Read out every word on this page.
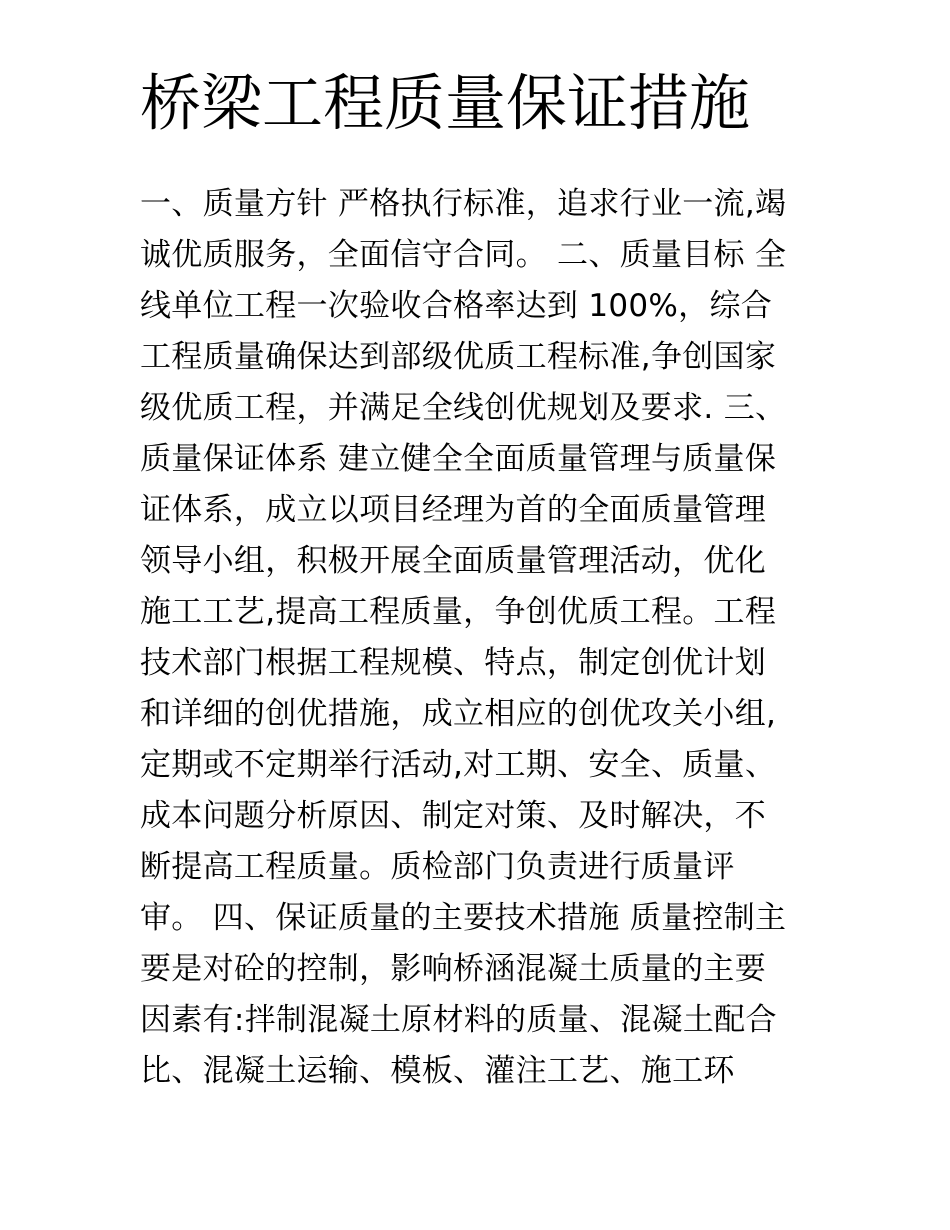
桥梁工程质量保证措施
一、质量方针 严格执行标准，追求行业一流,竭
诚优质服务，全面信守合同。 二、质量目标 全
线单位工程一次验收合格率达到 100%，综合
工程质量确保达到部级优质工程标准,争创国家
级优质工程，并满足全线创优规划及要求. 三、
质量保证体系 建立健全全面质量管理与质量保
证体系，成立以项目经理为首的全面质量管理
领导小组，积极开展全面质量管理活动，优化
施工工艺,提高工程质量，争创优质工程。工程
技术部门根据工程规模、特点，制定创优计划
和详细的创优措施，成立相应的创优攻关小组,
定期或不定期举行活动,对工期、安全、质量、
成本问题分析原因、制定对策、及时解决，不
断提高工程质量。质检部门负责进行质量评
审。 四、保证质量的主要技术措施 质量控制主
要是对砼的控制，影响桥涵混凝土质量的主要
因素有:拌制混凝土原材料的质量、混凝土配合
比、混凝土运输、模板、灌注工艺、施工环
